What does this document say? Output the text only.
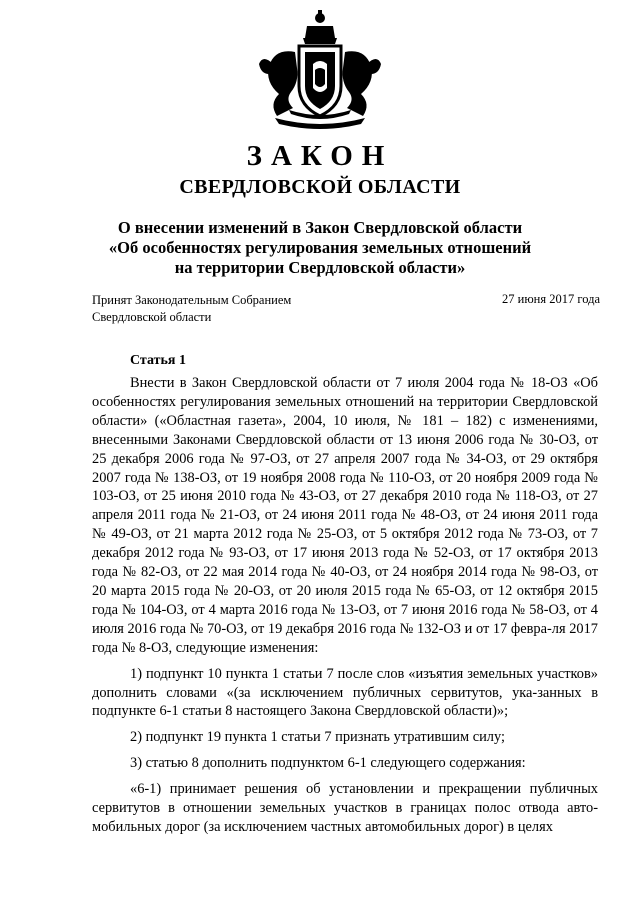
ЗАКОН
СВЕРДЛОВСКОЙ ОБЛАСТИ
О внесении изменений в Закон Свердловской области
«Об особенностях регулирования земельных отношений
на территории Свердловской области»
Принят Законодательным Собранием
Свердловской области
27 июня 2017 года
Статья 1

Внести в Закон Свердловской области от 7 июля 2004 года № 18-ОЗ «Об особенностях регулирования земельных отношений на территории Свердловской области» («Областная газета», 2004, 10 июля, № 181 – 182) с изменениями, внесенными Законами Свердловской области от 13 июня 2006 года № 30-ОЗ, от 25 декабря 2006 года № 97-ОЗ, от 27 апреля 2007 года № 34-ОЗ, от 29 октября 2007 года № 138-ОЗ, от 19 ноября 2008 года № 110-ОЗ, от 20 ноября 2009 года № 103-ОЗ, от 25 июня 2010 года № 43-ОЗ, от 27 декабря 2010 года № 118-ОЗ, от 27 апреля 2011 года № 21-ОЗ, от 24 июня 2011 года № 48-ОЗ, от 24 июня 2011 года № 49-ОЗ, от 21 марта 2012 года № 25-ОЗ, от 5 октября 2012 года № 73-ОЗ, от 7 декабря 2012 года № 93-ОЗ, от 17 июня 2013 года № 52-ОЗ, от 17 октября 2013 года № 82-ОЗ, от 22 мая 2014 года № 40-ОЗ, от 24 ноября 2014 года № 98-ОЗ, от 20 марта 2015 года № 20-ОЗ, от 20 июля 2015 года № 65-ОЗ, от 12 октября 2015 года № 104-ОЗ, от 4 марта 2016 года № 13-ОЗ, от 7 июня 2016 года № 58-ОЗ, от 4 июля 2016 года № 70-ОЗ, от 19 декабря 2016 года № 132-ОЗ и от 17 февра-ля 2017 года № 8-ОЗ, следующие изменения:

1) подпункт 10 пункта 1 статьи 7 после слов «изъятия земельных участков» дополнить словами «(за исключением публичных сервитутов, ука-занных в подпункте 6-1 статьи 8 настоящего Закона Свердловской области)»;

2) подпункт 19 пункта 1 статьи 7 признать утратившим силу;

3) статью 8 дополнить подпунктом 6-1 следующего содержания:

«6-1) принимает решения об установлении и прекращении публичных сервитутов в отношении земельных участков в границах полос отвода авто-мобильных дорог (за исключением частных автомобильных дорог) в целях
